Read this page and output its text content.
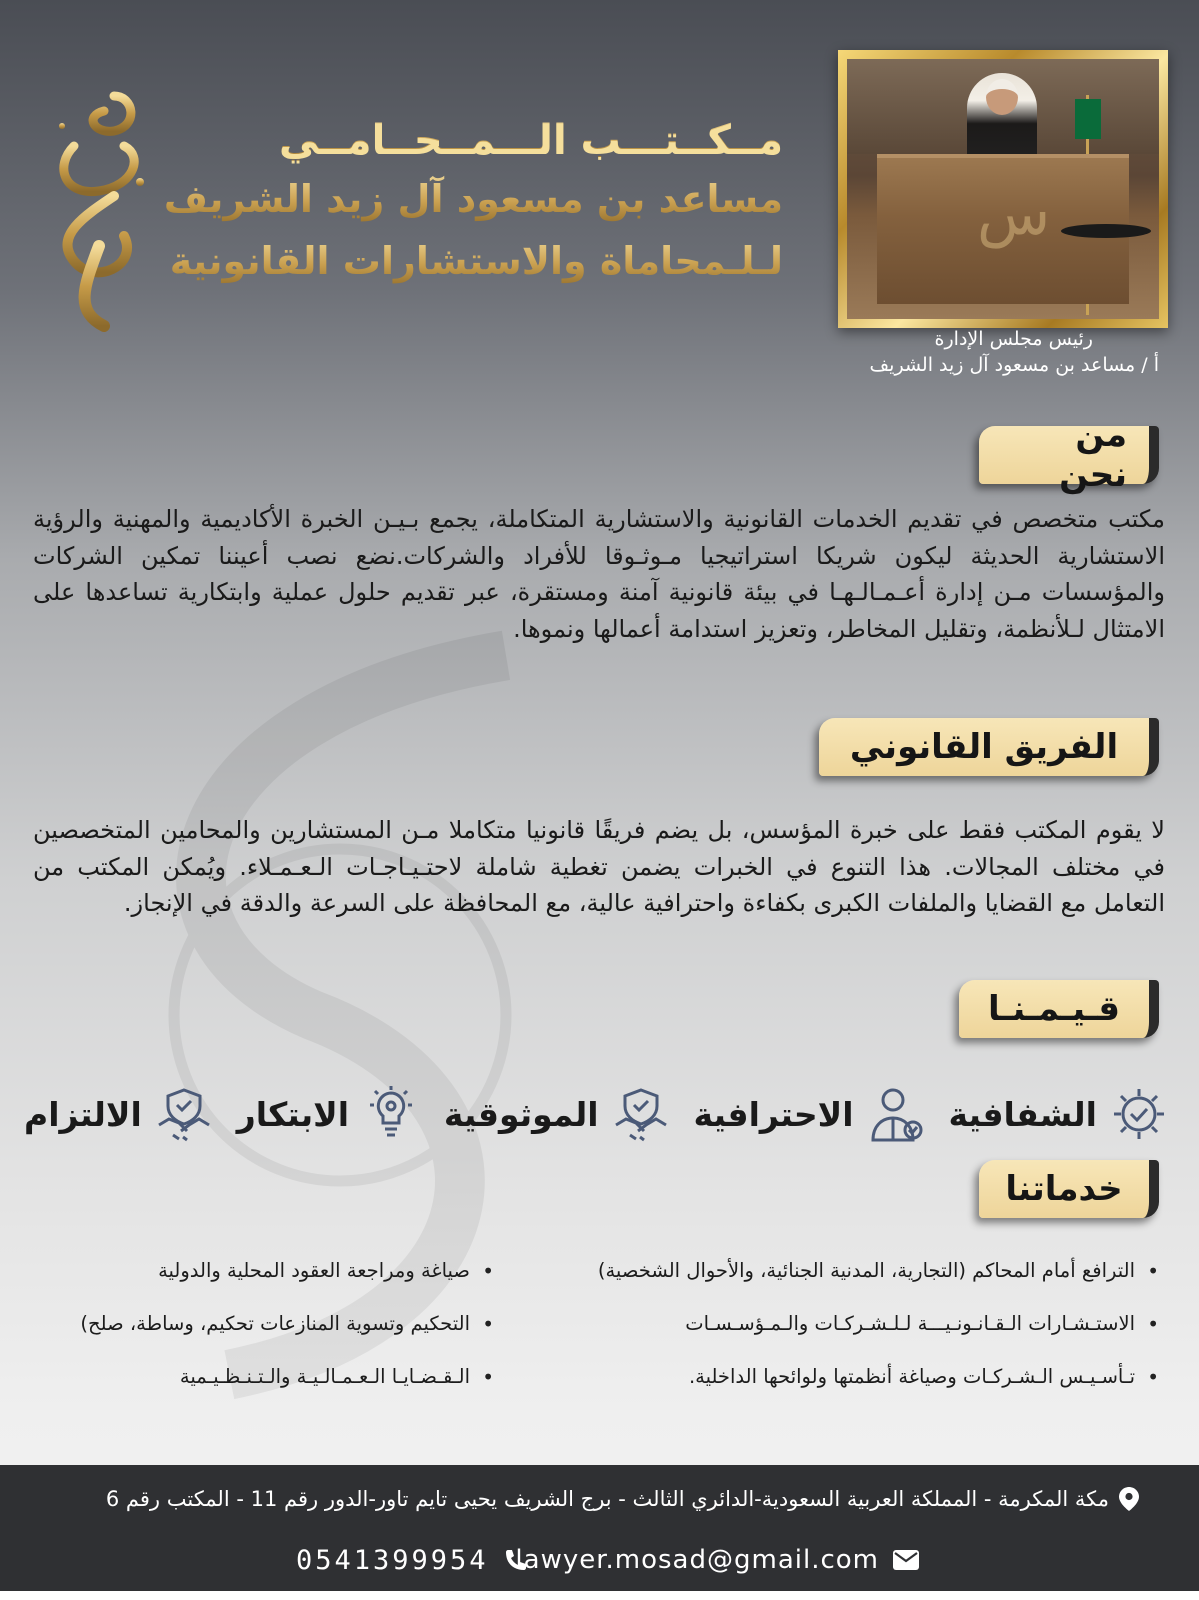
ﺱ
رئيس مجلس الإدارة
أ / مساعد بن مسعود آل زيد الشريف
مــكــتـــب الـــمــحــامــي
مساعد بن مسعود آل زيد الشريف
لـلـمحاماة والاستشارات القانونية
من نحن

مكتب متخصص في تقديم الخدمات القانونية والاستشارية المتكاملة، يجمع بـيـن الخبرة الأكاديمية والمهنية والرؤية الاستشارية الحديثة ليكون شريكا استراتيجيا مـوثـوقا للأفراد والشركات.نضع نصب أعيننا تمكين الشركات والمؤسسات مـن إدارة أعـمـالـهـا في بيئة قانونية آمنة ومستقرة، عبر تقديم حلول عملية وابتكارية تساعدها على الامتثال لـلأنظمة، وتقليل المخاطر، وتعزيز استدامة أعمالها ونموها.

الفريق القانوني

لا يقوم المكتب فقط على خبرة المؤسس، بل يضم فريقًا قانونيا متكاملا مـن المستشارين والمحامين المتخصصين في مختلف المجالات. هذا التنوع في الخبرات يضمن تغطية شاملة لاحتـيـاجـات الـعـمـلاء. ويُمكن المكتب من التعامل مع القضايا والملفات الكبرى بكفاءة واحترافية عالية، مع المحافظة على السرعة والدقة في الإنجاز.

قـيـمـنـا
الشفافية
الاحترافية
الموثوقية
الابتكار
الالتزام
خدماتنا
• الترافع أمام المحاكم (التجارية، المدنية الجنائية، والأحوال الشخصية)
• الاستـشـارات الـقـانـونـيـــة لـلـشـركـات والـمـؤسـسـات
• تـأسـيـس الـشـركـات وصياغة أنظمتها ولوائحها الداخلية.
• صياغة ومراجعة العقود المحلية والدولية
• التحكيم وتسوية المنازعات تحكيم، وساطة، صلح)
• الـقـضـايـا الـعـمـالـيـة والـتـنـظـيـمية
مكة المكرمة - المملكة العربية السعودية-الدائري الثالث - برج الشريف يحيى تايم تاور-الدور رقم 11 - المكتب رقم 6
lawyer.mosad@gmail.com
0541399954
